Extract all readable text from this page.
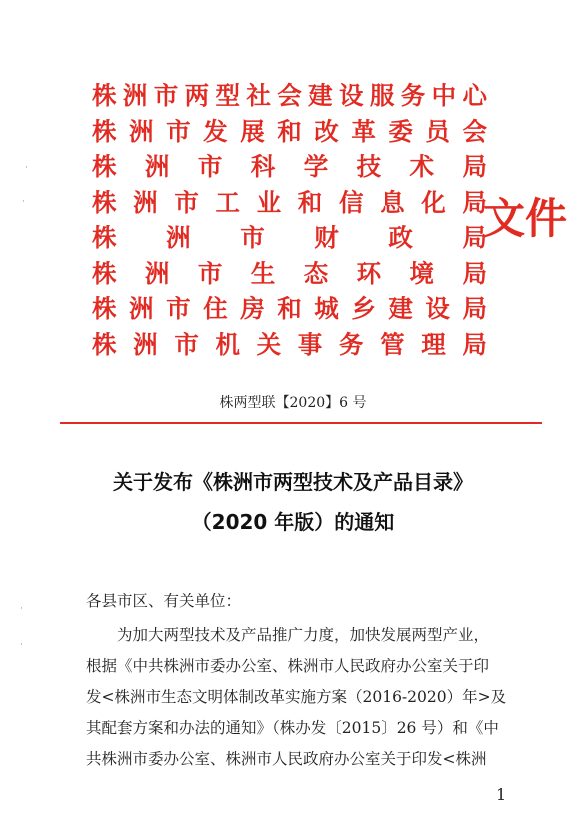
株 洲 市 两 型 社 会 建 设 服 务 中 心
株 洲 市 发 展 和 改 革 委 员 会
株 洲 市 科 学 技 术 局
株 洲 市 工 业 和 信 息 化 局
株 洲 市 财 政 局
株 洲 市 生 态 环 境 局
株 洲 市 住 房 和 城 乡 建 设 局
株 洲 市 机 关 事 务 管 理 局
文件
株两型联【2020】6 号
关于发布《株洲市两型技术及产品目录》
（2020 年版）的通知
各县市区、有关单位：
　　为加大两型技术及产品推广力度，加快发展两型产业，
根据《中共株洲市委办公室、株洲市人民政府办公室关于印
发<株洲市生态文明体制改革实施方案（2016-2020）年>及
其配套方案和办法的通知》（株办发〔2015〕26 号）和《中
共株洲市委办公室、株洲市人民政府办公室关于印发<株洲
1
·
·
·
·
